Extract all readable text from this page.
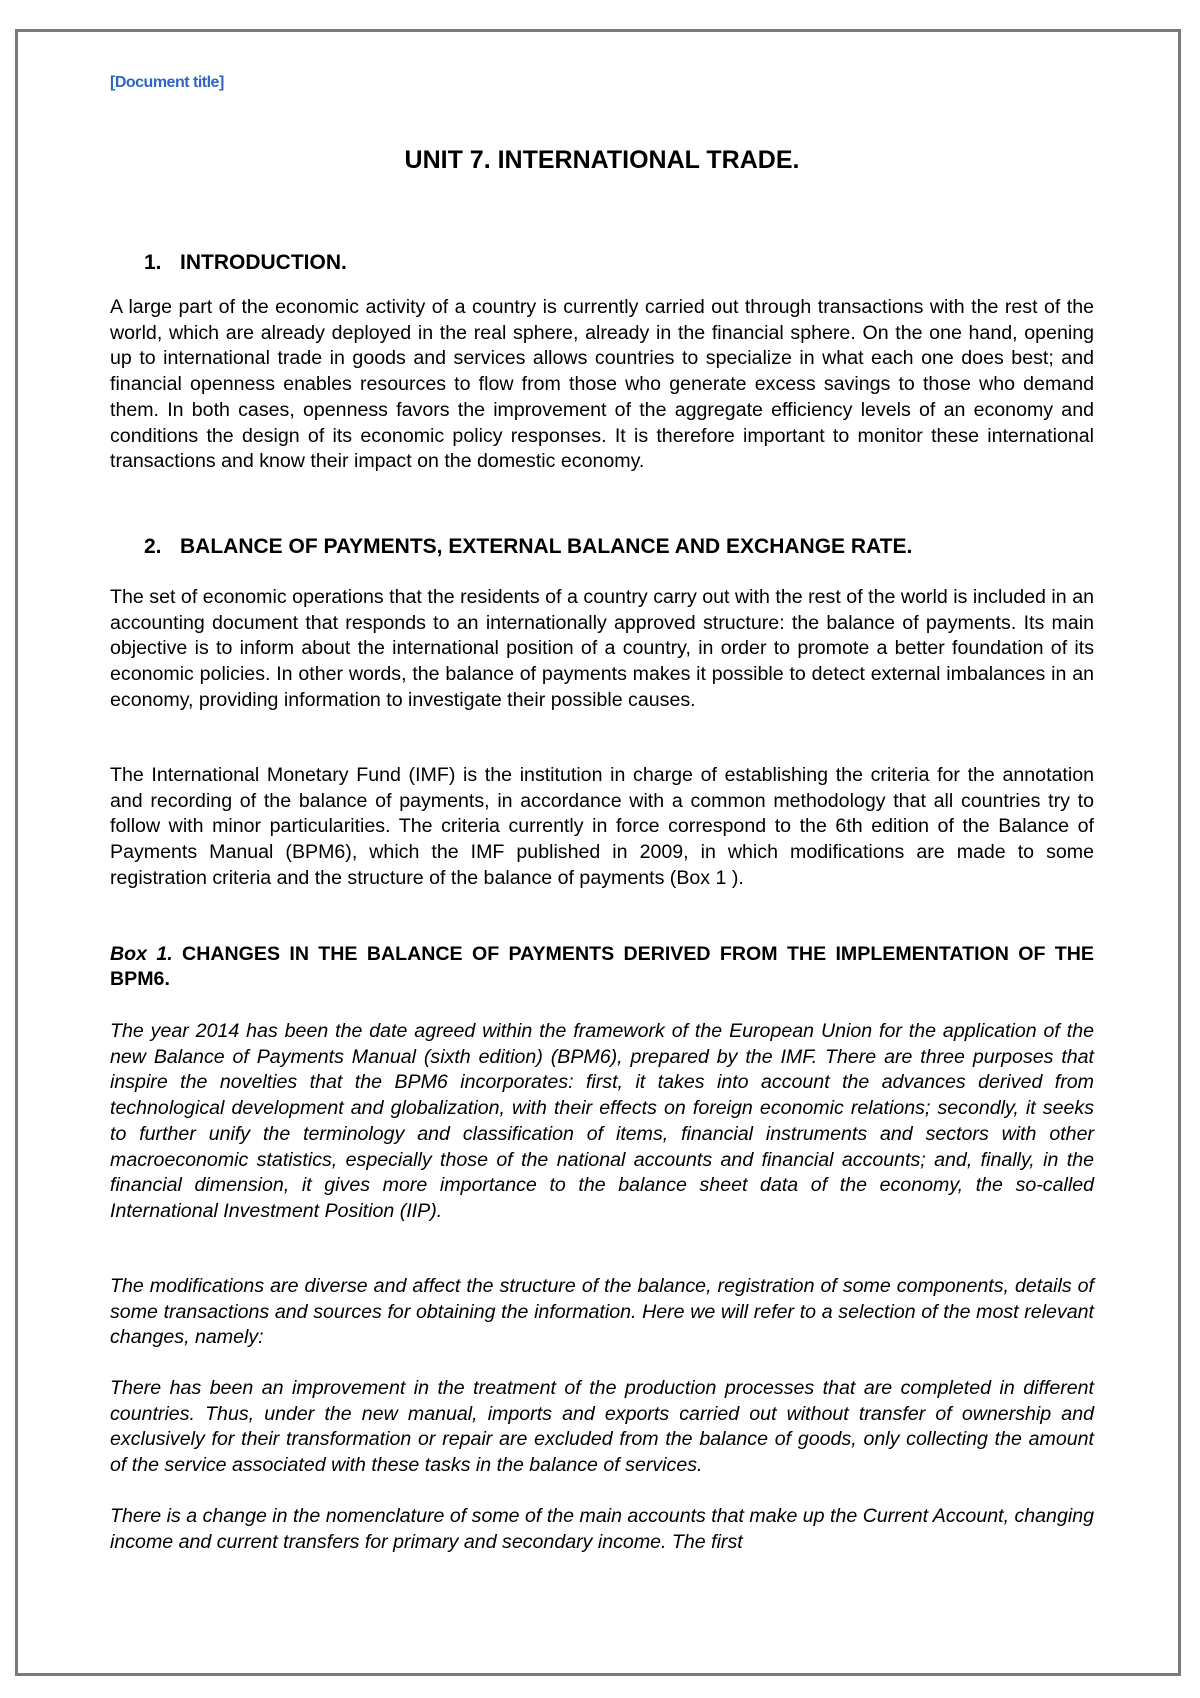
[Document title]
UNIT 7. INTERNATIONAL TRADE.
1. INTRODUCTION.

A large part of the economic activity of a country is currently carried out through transactions with the rest of the world, which are already deployed in the real sphere, already in the financial sphere. On the one hand, opening up to international trade in goods and services allows countries to specialize in what each one does best; and financial openness enables resources to flow from those who generate excess savings to those who demand them. In both cases, openness favors the improvement of the aggregate efficiency levels of an economy and conditions the design of its economic policy responses. It is therefore important to monitor these international transactions and know their impact on the domestic economy.

2. BALANCE OF PAYMENTS, EXTERNAL BALANCE AND EXCHANGE RATE.

The set of economic operations that the residents of a country carry out with the rest of the world is included in an accounting document that responds to an internationally approved structure: the balance of payments. Its main objective is to inform about the international position of a country, in order to promote a better foundation of its economic policies. In other words, the balance of payments makes it possible to detect external imbalances in an economy, providing information to investigate their possible causes.

The International Monetary Fund (IMF) is the institution in charge of establishing the criteria for the annotation and recording of the balance of payments, in accordance with a common methodology that all countries try to follow with minor particularities. The criteria currently in force correspond to the 6th edition of the Balance of Payments Manual (BPM6), which the IMF published in 2009, in which modifications are made to some registration criteria and the structure of the balance of payments (Box 1 ).

Box 1. CHANGES IN THE BALANCE OF PAYMENTS DERIVED FROM THE IMPLEMENTATION OF THE BPM6.

The year 2014 has been the date agreed within the framework of the European Union for the application of the new Balance of Payments Manual (sixth edition) (BPM6), prepared by the IMF. There are three purposes that inspire the novelties that the BPM6 incorporates: first, it takes into account the advances derived from technological development and globalization, with their effects on foreign economic relations; secondly, it seeks to further unify the terminology and classification of items, financial instruments and sectors with other macroeconomic statistics, especially those of the national accounts and financial accounts; and, finally, in the financial dimension, it gives more importance to the balance sheet data of the economy, the so-called International Investment Position (IIP).

The modifications are diverse and affect the structure of the balance, registration of some components, details of some transactions and sources for obtaining the information. Here we will refer to a selection of the most relevant changes, namely:

There has been an improvement in the treatment of the production processes that are completed in different countries. Thus, under the new manual, imports and exports carried out without transfer of ownership and exclusively for their transformation or repair are excluded from the balance of goods, only collecting the amount of the service associated with these tasks in the balance of services.

There is a change in the nomenclature of some of the main accounts that make up the Current Account, changing income and current transfers for primary and secondary income. The first
